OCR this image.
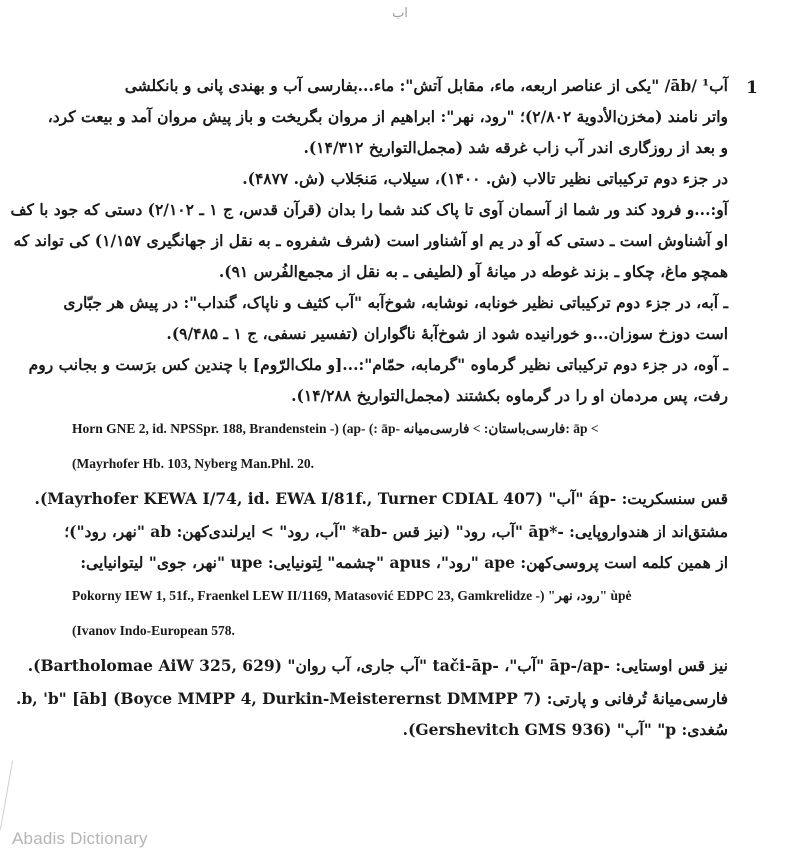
اب
1
آب¹ /āb/ "یکی از عناصر اربعه، ماء، مقابل آتش": ماء...بفارسی آب و بهندی پانی و بانکلشی
واتر نامند (مخزن‌الأدویة ۲/۸۰۲)؛ "رود، نهر": ابراهیم از مروان بگریخت و باز پیش مروان آمد و بیعت کرد،
و بعد از روزگاری اندر آب زاب غرقه شد (مجمل‌التواریخ ۱۴/۳۱۲).
در جزء دوم ترکیباتی نظیر تالاب (ش. ۱۴۰۰)، سیلاب، مَنجَلاب (ش. ۴۸۷۷).
آو:...و فرود کند ور شما از آسمان آوی تا پاک کند شما را بدان (قرآن قدس، ج ۱ ـ ۲/۱۰۲) دستی که جود با کف
او آشناوش است ـ دستی که آو در یم او آشناور است (شرف شفروه ـ به نقل از جهانگیری ۱/۱۵۷) کی تواند که
همچو ماغ، چکاو ـ بزند غوطه در میانهٔ آو (لطیفی ـ به نقل از مجمع‌الفُرس ۹۱).
ـ آبه، در جزء دوم ترکیباتی نظیر خونابه، نوشابه، شوخ‌آبه "آب کثیف و ناپاک، گنداب": در پیش هر جبّاری
است دوزخ سوزان...و خورانیده شود از شوخ‌آبهٔ ناگواران (تفسیر نسفی، ج ۱ ـ ۹/۴۸۵).
ـ آوه، در جزء دوم ترکیباتی نظیر گرماوه "گرمابه، حمّام":...[و ملک‌الرّوم] با چندین کس برَست و بجانب روم
رفت، پس مردمان او را در گرماوه بکشتند (مجمل‌التواریخ ۱۴/۲۸۸).
Horn GNE 2, id. NPSSpr. 188, Brandenstein -) (ap- (: āp- فارسی‌باستان: > فارسی‌میانه: āp <
(Mayrhofer Hb. 103, Nyberg Man.Phl. 20.
قس سنسکریت: -áp "آب" (Mayrhofer KEWA I/74, id. EWA I/81f., Turner CDIAL 407).
مشتق‌اند از هندواروپایی: -*āp "آب، رود" (نیز قس -ab* "آب، رود" > ایرلندی‌کهن: ab "نهر، رود")؛
از همین کلمه است پروسی‌کهن: ape "رود"، apus "چشمه" لِتونیایی: upe "نهر، جوی" لیتوانیایی:
Pokorny IEW 1, 51f., Fraenkel LEW II/1169, Matasović EDPC 23, Gamkrelidze -) "رود، نهر" ùpė
(Ivanov Indo-European 578.
نیز قس اوستایی: -āp-/ap "آب"، -tači-āp "آب جاری، آب روان" (Bartholomae AiW 325, 629).
فارسی‌میانهٔ تُرفانی و پارتی: b, 'b" [āb] (Boyce MMPP 4, Durkin-Meisterernst DMMPP 7).
سُغدی: p" "آب" (Gershevitch GMS 936).
Abadis Dictionary
